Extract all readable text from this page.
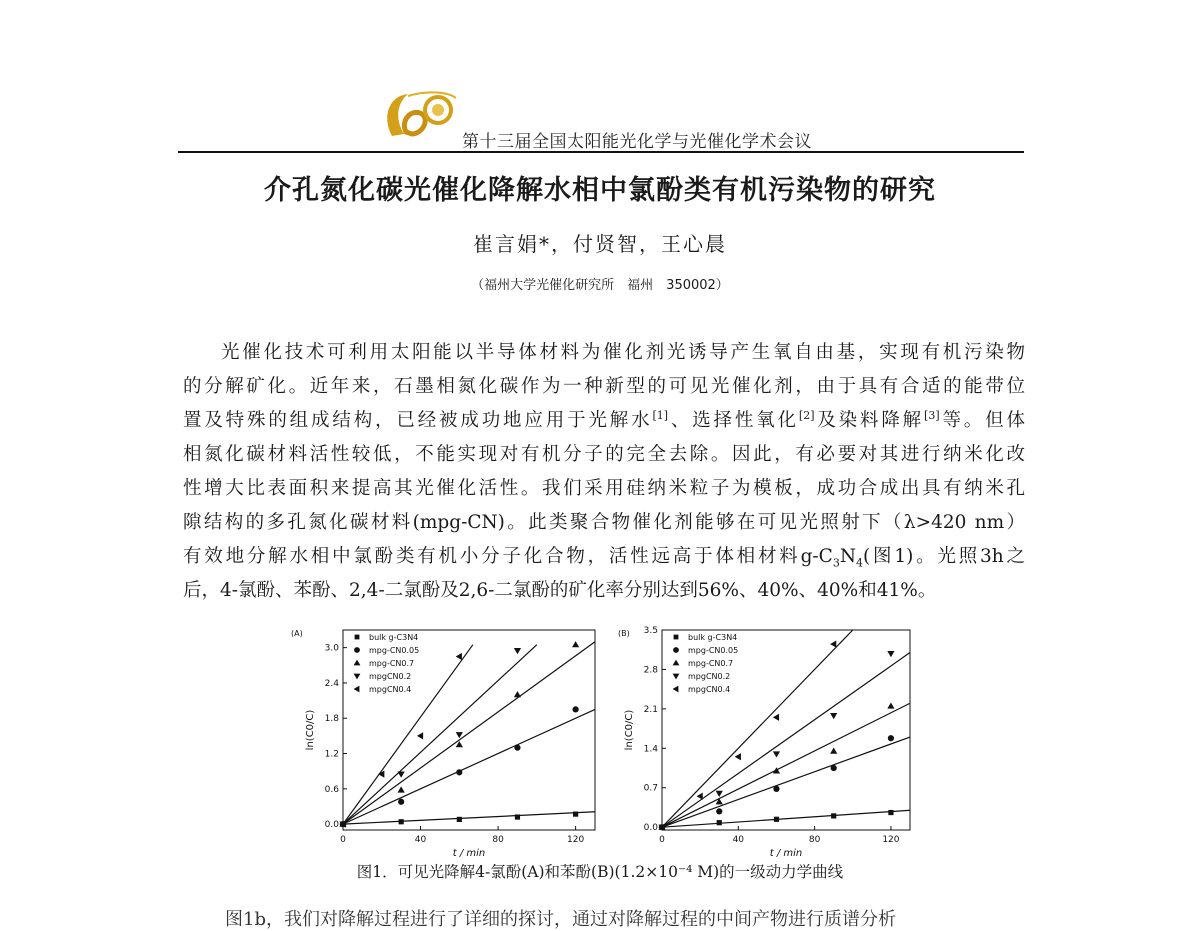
第十三届全国太阳能光化学与光催化学术会议
介孔氮化碳光催化降解水相中氯酚类有机污染物的研究
崔言娟*，付贤智，王心晨
（福州大学光催化研究所　福州　350002）
光催化技术可利用太阳能以半导体材料为催化剂光诱导产生氧自由基，实现有机污染物
的分解矿化。近年来，石墨相氮化碳作为一种新型的可见光催化剂，由于具有合适的能带位
置及特殊的组成结构，已经被成功地应用于光解水[1]、选择性氧化[2]及染料降解[3]等。但体
相氮化碳材料活性较低，不能实现对有机分子的完全去除。因此，有必要对其进行纳米化改
性增大比表面积来提高其光催化活性。我们采用硅纳米粒子为模板，成功合成出具有纳米孔
隙结构的多孔氮化碳材料(mpg-CN)。此类聚合物催化剂能够在可见光照射下（λ>420 nm）
有效地分解水相中氯酚类有机小分子化合物，活性远高于体相材料$g-C_3N_4$(图1)。光照3h之
后，4-氯酚、苯酚、2,4-二氯酚及2,6-二氯酚的矿化率分别达到56%、40%、40%和41%。
(A)
0	40	80	120
0.0
0.6
1.2
1.8
2.4
3.0
t / min
ln(C0/C)
bulk g-C3N4
mpg-CN0.05
mpg-CN0.7
mpgCN0.2
mpgCN0.4
(B)
0	40	80	120
0.0
0.7
1.4
2.1
2.8
3.5
t / min
ln(C0/C)
bulk g-C3N4
mpg-CN0.05
mpg-CN0.7
mpgCN0.2
mpgCN0.4
图1．可见光降解4-氯酚(A)和苯酚(B)(1.2×10⁻⁴ M)的一级动力学曲线
图1b，我们对降解过程进行了详细的探讨，通过对降解过程的中间产物进行质谱分析
